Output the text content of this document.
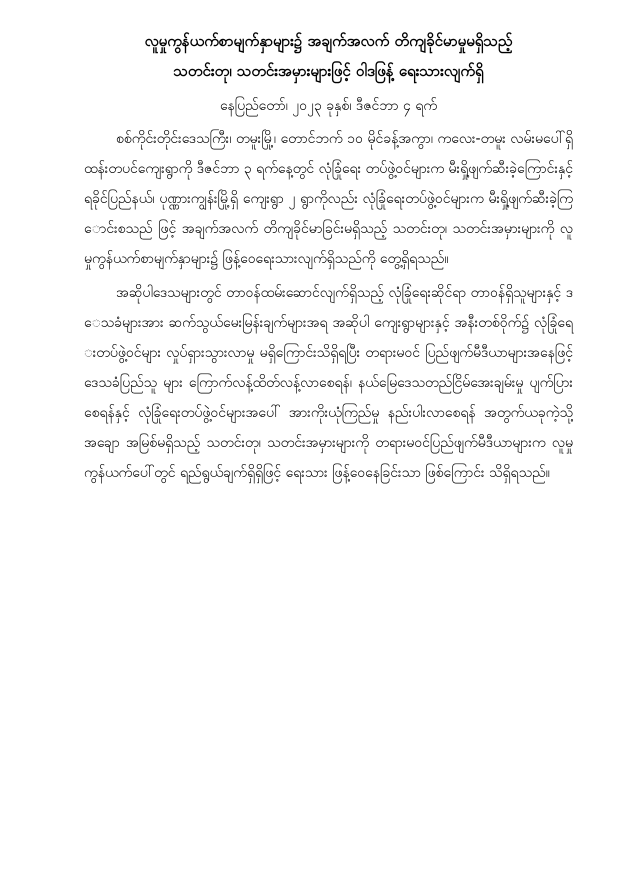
လူမှုကွန်ယက်စာမျက်နှာများ၌ အချက်အလက် တိကျခိုင်မာမှုမရှိသည့်
သတင်းတု၊ သတင်းအမှားများဖြင့် ဝါဒဖြန့် ရေးသားလျက်ရှိ

နေပြည်တော်၊ ၂၀၂၃ ခုနှစ်၊ ဒီဇင်ဘာ ၄ ရက်

စစ်ကိုင်းတိုင်းဒေသကြီး၊ တမူးမြို့၊ တောင်ဘက် ၁၀ မိုင်ခန့်အကွာ၊ ကလေး-တမူး လမ်းမပေါ်ရှိ ထန်းတပင်ကျေးရွာကို ဒီဇင်ဘာ ၃ ရက်နေ့တွင် လုံခြုံရေး တပ်ဖွဲ့ဝင်များက မီးရှို့ဖျက်ဆီးခဲ့ကြောင်းနှင့် ရခိုင်ပြည်နယ်၊ ပုဏ္ဏားကျွန်းမြို့ရှိ ကျေးရွာ ၂ ရွာကိုလည်း လုံခြုံရေးတပ်ဖွဲ့ဝင်များက မီးရှို့ဖျက်ဆီးခဲ့ကြောင်းစသည် ဖြင့် အချက်အလက် တိကျခိုင်မာခြင်းမရှိသည့် သတင်းတု၊ သတင်းအမှားများကို လူမှုကွန်ယက်စာမျက်နှာများ၌ ဖြန့်ဝေရေးသားလျက်ရှိသည်ကို တွေ့ရှိရသည်။

အဆိုပါဒေသများတွင် တာဝန်ထမ်းဆောင်လျက်ရှိသည့် လုံခြုံရေးဆိုင်ရာ တာဝန်ရှိသူများနှင့် ဒေသခံများအား ဆက်သွယ်မေးမြန်းချက်များအရ အဆိုပါ ကျေးရွာများနှင့် အနီးတစ်ဝိုက်၌ လုံခြုံရေးတပ်ဖွဲ့ဝင်များ လှုပ်ရှားသွားလာမှု မရှိကြောင်းသိရှိရပြီး တရားမဝင် ပြည်ဖျက်မီဒီယာများအနေဖြင့် ဒေသခံပြည်သူ များ ကြောက်လန့်ထိတ်လန့်လာစေရန်၊ နယ်မြေဒေသတည်ငြိမ်အေးချမ်းမှု ပျက်ပြား စေရန်နှင့် လုံခြုံရေးတပ်ဖွဲ့ဝင်များအပေါ် အားကိုးယုံကြည်မှု နည်းပါးလာစေရန် အတွက်ယခုကဲ့သို့ အချော အမြစ်မရှိသည့် သတင်းတု၊ သတင်းအမှားများကို တရားမဝင်ပြည်ဖျက်မီဒီယာများက လူမှုကွန်ယက်ပေါ်တွင် ရည်ရွယ်ချက်ရှိရှိဖြင့် ရေးသား ဖြန့်ဝေနေခြင်းသာ ဖြစ်ကြောင်း သိရှိရသည်။
